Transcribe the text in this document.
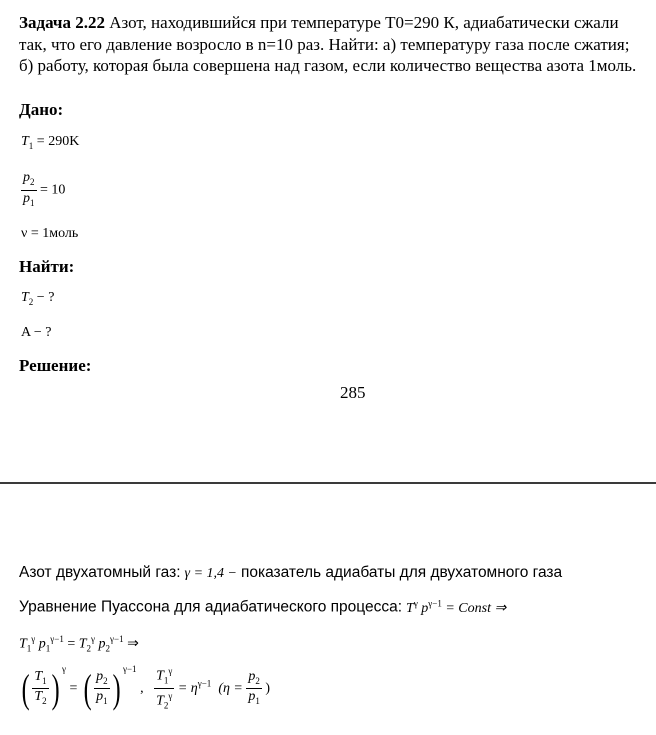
Задача 2.22 Азот, находившийся при температуре Т0=290 К, адиабатически сжали так, что его давление возросло в n=10 раз. Найти: а) температуру газа после сжатия; б) работу, которая была совершена над газом, если количество вещества азота 1моль.
Дано:
$T_1 = 290K$
$\frac{p_2}{p_1} = 10$
ν = 1моль
Найти:
$T_2$ − ?
A − ?
Решение:
285
Азот двухатомный газ: γ = 1,4 − показатель адиабаты для двухатомного газа
Уравнение Пуассона для адиабатического процесса: $T^\gamma$ $p^{\gamma-1}$ = Const ⇒
$T_1^\gamma$ $p_1^{\gamma-1} = T_2^\gamma$ $p_2^{\gamma-1}$ ⇒
( $\frac{T_1}{T_2}$ ) $^\gamma$ = ( $\frac{p_2}{p_1}$ ) $^{\gamma-1}$ , $\frac{T_1^\gamma}{T_2^\gamma} = \eta^{\gamma-1}$ ($\eta = \frac{p_2}{p_1}$ )
